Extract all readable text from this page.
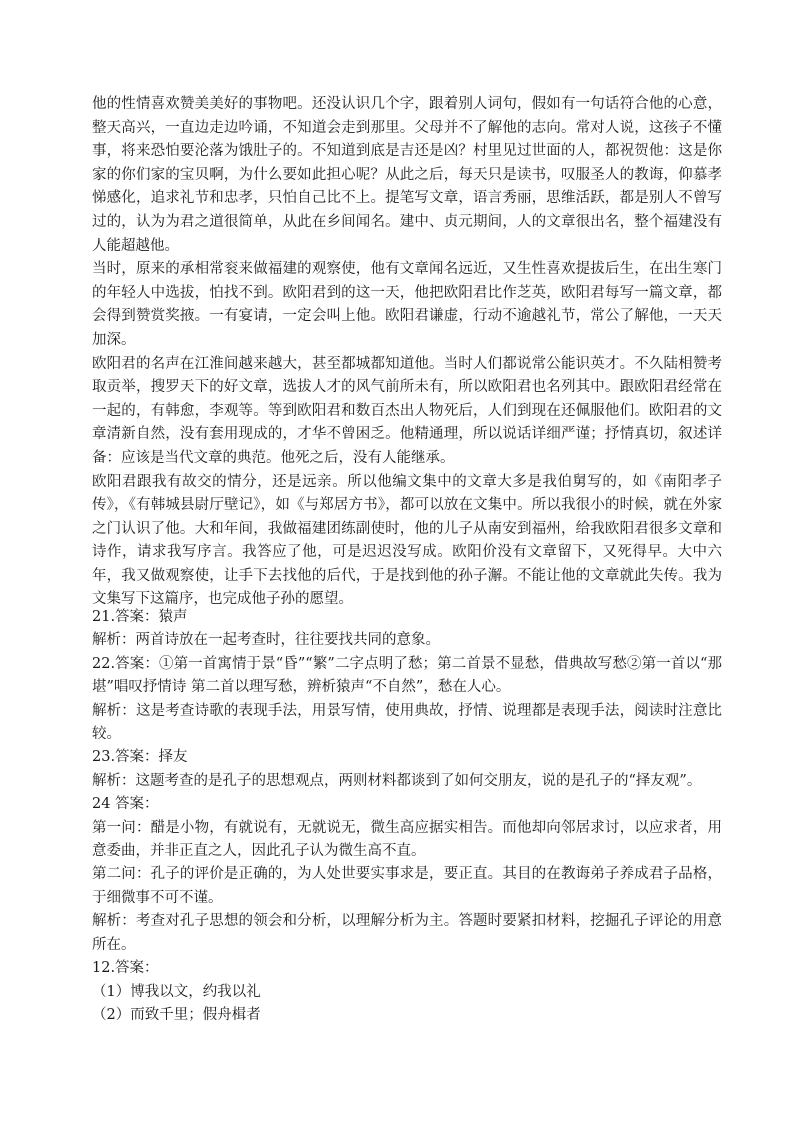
他的性情喜欢赞美美好的事物吧。还没认识几个字，跟着别人词句，假如有一句话符合他的心意，整天高兴，一直边走边吟诵，不知道会走到那里。父母并不了解他的志向。常对人说，这孩子不懂事，将来恐怕要沦落为饿肚子的。不知道到底是吉还是凶？村里见过世面的人，都祝贺他：这是你家的你们家的宝贝啊，为什么要如此担心呢？从此之后，每天只是读书，叹服圣人的教诲，仰慕孝悌感化，追求礼节和忠孝，只怕自己比不上。提笔写文章，语言秀丽，思维活跃，都是别人不曾写过的，认为为君之道很简单，从此在乡间闻名。建中、贞元期间，人的文章很出名，整个福建没有人能超越他。

当时，原来的承相常衮来做福建的观察使，他有文章闻名远近，又生性喜欢提拔后生，在出生寒门的年轻人中选拔，怕找不到。欧阳君到的这一天，他把欧阳君比作芝英，欧阳君每写一篇文章，都会得到赞赏奖掖。一有宴请，一定会叫上他。欧阳君谦虚，行动不逾越礼节，常公了解他，一天天加深。

欧阳君的名声在江淮间越来越大，甚至都城都知道他。当时人们都说常公能识英才。不久陆相赞考取贡举，搜罗天下的好文章，选拔人才的风气前所未有，所以欧阳君也名列其中。跟欧阳君经常在一起的，有韩愈，李观等。等到欧阳君和数百杰出人物死后，人们到现在还佩服他们。欧阳君的文章清新自然，没有套用现成的，才华不曾困乏。他精通理，所以说话详细严谨；抒情真切，叙述详备：应该是当代文章的典范。他死之后，没有人能继承。

欧阳君跟我有故交的情分，还是远亲。所以他编文集中的文章大多是我伯舅写的，如《南阳孝子传》，《有韩城县尉厅壁记》，如《与郑居方书》，都可以放在文集中。所以我很小的时候，就在外家之门认识了他。大和年间，我做福建团练副使时，他的儿子从南安到福州，给我欧阳君很多文章和诗作，请求我写序言。我答应了他，可是迟迟没写成。欧阳价没有文章留下，又死得早。大中六年，我又做观察使，让手下去找他的后代，于是找到他的孙子澥。不能让他的文章就此失传。我为文集写下这篇序，也完成他子孙的愿望。

21.答案：猿声

解析：两首诗放在一起考查时，往往要找共同的意象。

22.答案：①第一首寓情于景“昏”“繁”二字点明了愁；第二首景不显愁，借典故写愁②第一首以“那堪”唱叹抒情诗 第二首以理写愁，辨析猿声“不自然”，愁在人心。

解析：这是考查诗歌的表现手法，用景写情，使用典故，抒情、说理都是表现手法，阅读时注意比较。

23.答案：择友

解析：这题考查的是孔子的思想观点，两则材料都谈到了如何交朋友，说的是孔子的“择友观”。

24 答案：

第一问：醋是小物，有就说有，无就说无，微生高应据实相告。而他却向邻居求讨，以应求者，用意委曲，并非正直之人，因此孔子认为微生高不直。

第二问：孔子的评价是正确的，为人处世要实事求是，要正直。其目的在教诲弟子养成君子品格，于细微事不可不谨。

解析：考查对孔子思想的领会和分析，以理解分析为主。答题时要紧扣材料，挖掘孔子评论的用意所在。

12.答案：

（1）博我以文，约我以礼

（2）而致千里；假舟楫者
